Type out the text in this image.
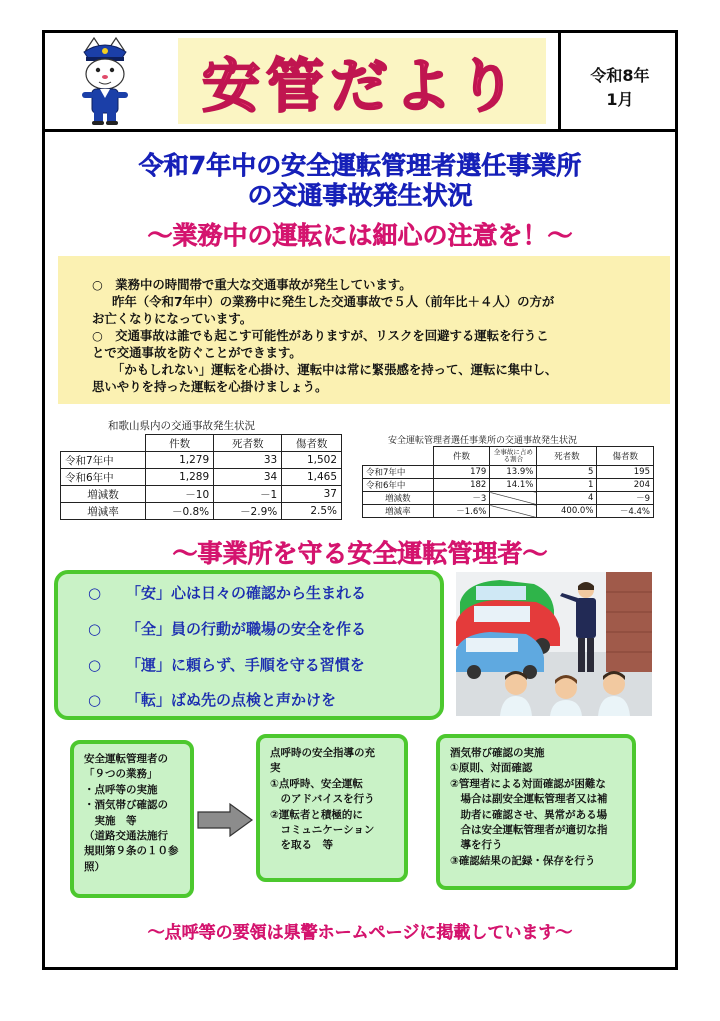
安管だより	令和8年
1月
令和7年中の安全運転管理者選任事業所
の交通事故発生状況
～業務中の運転には細心の注意を！～

○　業務中の時間帯で重大な交通事故が発生しています。

昨年（令和7年中）の業務中に発生した交通事故で５人（前年比＋４人）の方が

お亡くなりになっています。

○　交通事故は誰でも起こす可能性がありますが、リスクを回避する運転を行うこ

とで交通事故を防ぐことができます。

「かもしれない」運転を心掛け、運転中は常に緊張感を持って、運転に集中し、

思いやりを持った運転を心掛けましょう。

和歌山県内の交通事故発生状況
	件数	死者数	傷者数
令和7年中	1,279	33	1,502
令和6年中	1,289	34	1,465
増減数	－10	－1	37
増減率	－0.8%	－2.9%	2.5%
安全運転管理者選任事業所の交通事故発生状況
	件数	全事故に占める割合	死者数	傷者数
令和7年中	179	13.9%	5	195
令和6年中	182	14.1%	1	204
増減数	－3		4	－9
増減率	－1.6%		400.0%	－4.4%
～事業所を守る安全運転管理者～
○ 「安」心は日々の確認から生まれる
○ 「全」員の行動が職場の安全を作る
○ 「運」に頼らず、手順を守る習慣を
○ 「転」ばぬ先の点検と声かけを

安全運転管理者の
「９つの業務」
・点呼等の実施
・酒気帯び確認の
　実施　等
（道路交通法施行
規則第９条の１０参
照）

点呼時の安全指導の充
実
①点呼時、安全運転
　のアドバイスを行う
②運転者と積極的に
　コミュニケーション
　を取る　等

酒気帯び確認の実施
①原則、対面確認
②管理者による対面確認が困難な
　場合は副安全運転管理者又は補
　助者に確認させ、異常がある場
　合は安全運転管理者が適切な指
　導を行う
③確認結果の記録・保存を行う

～点呼等の要領は県警ホームページに掲載しています～
